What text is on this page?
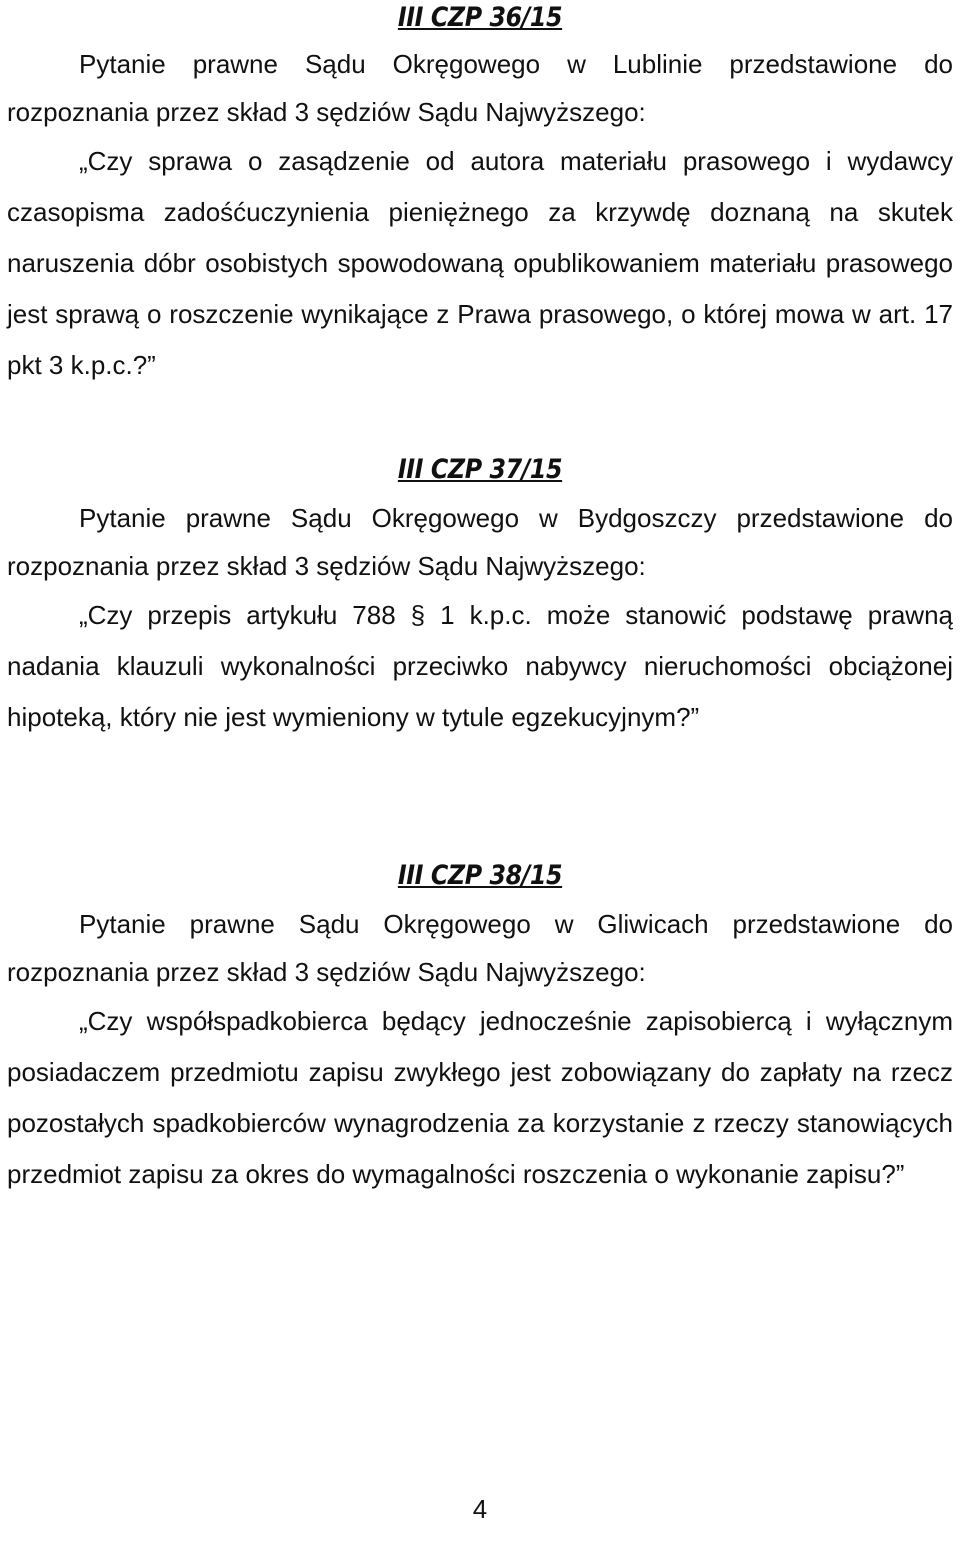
III CZP 36/15

Pytanie prawne Sądu Okręgowego w Lublinie przedstawione do rozpoznania przez skład 3 sędziów Sądu Najwyższego:

„Czy sprawa o zasądzenie od autora materiału prasowego i wydawcy czasopisma zadośćuczynienia pieniężnego za krzywdę doznaną na skutek naruszenia dóbr osobistych spowodowaną opublikowaniem materiału prasowego jest sprawą o roszczenie wynikające z Prawa prasowego, o której mowa w art. 17 pkt 3 k.p.c.?”

III CZP 37/15

Pytanie prawne Sądu Okręgowego w Bydgoszczy przedstawione do rozpoznania przez skład 3 sędziów Sądu Najwyższego:

„Czy przepis artykułu 788 § 1 k.p.c. może stanowić podstawę prawną nadania klauzuli wykonalności przeciwko nabywcy nieruchomości obciążonej hipoteką, który nie jest wymieniony w tytule egzekucyjnym?”

III CZP 38/15

Pytanie prawne Sądu Okręgowego w Gliwicach przedstawione do rozpoznania przez skład 3 sędziów Sądu Najwyższego:

„Czy współspadkobierca będący jednocześnie zapisobiercą i wyłącznym posiadaczem przedmiotu zapisu zwykłego jest zobowiązany do zapłaty na rzecz pozostałych spadkobierców wynagrodzenia za korzystanie z rzeczy stanowiących przedmiot zapisu za okres do wymagalności roszczenia o wykonanie zapisu?”

4
